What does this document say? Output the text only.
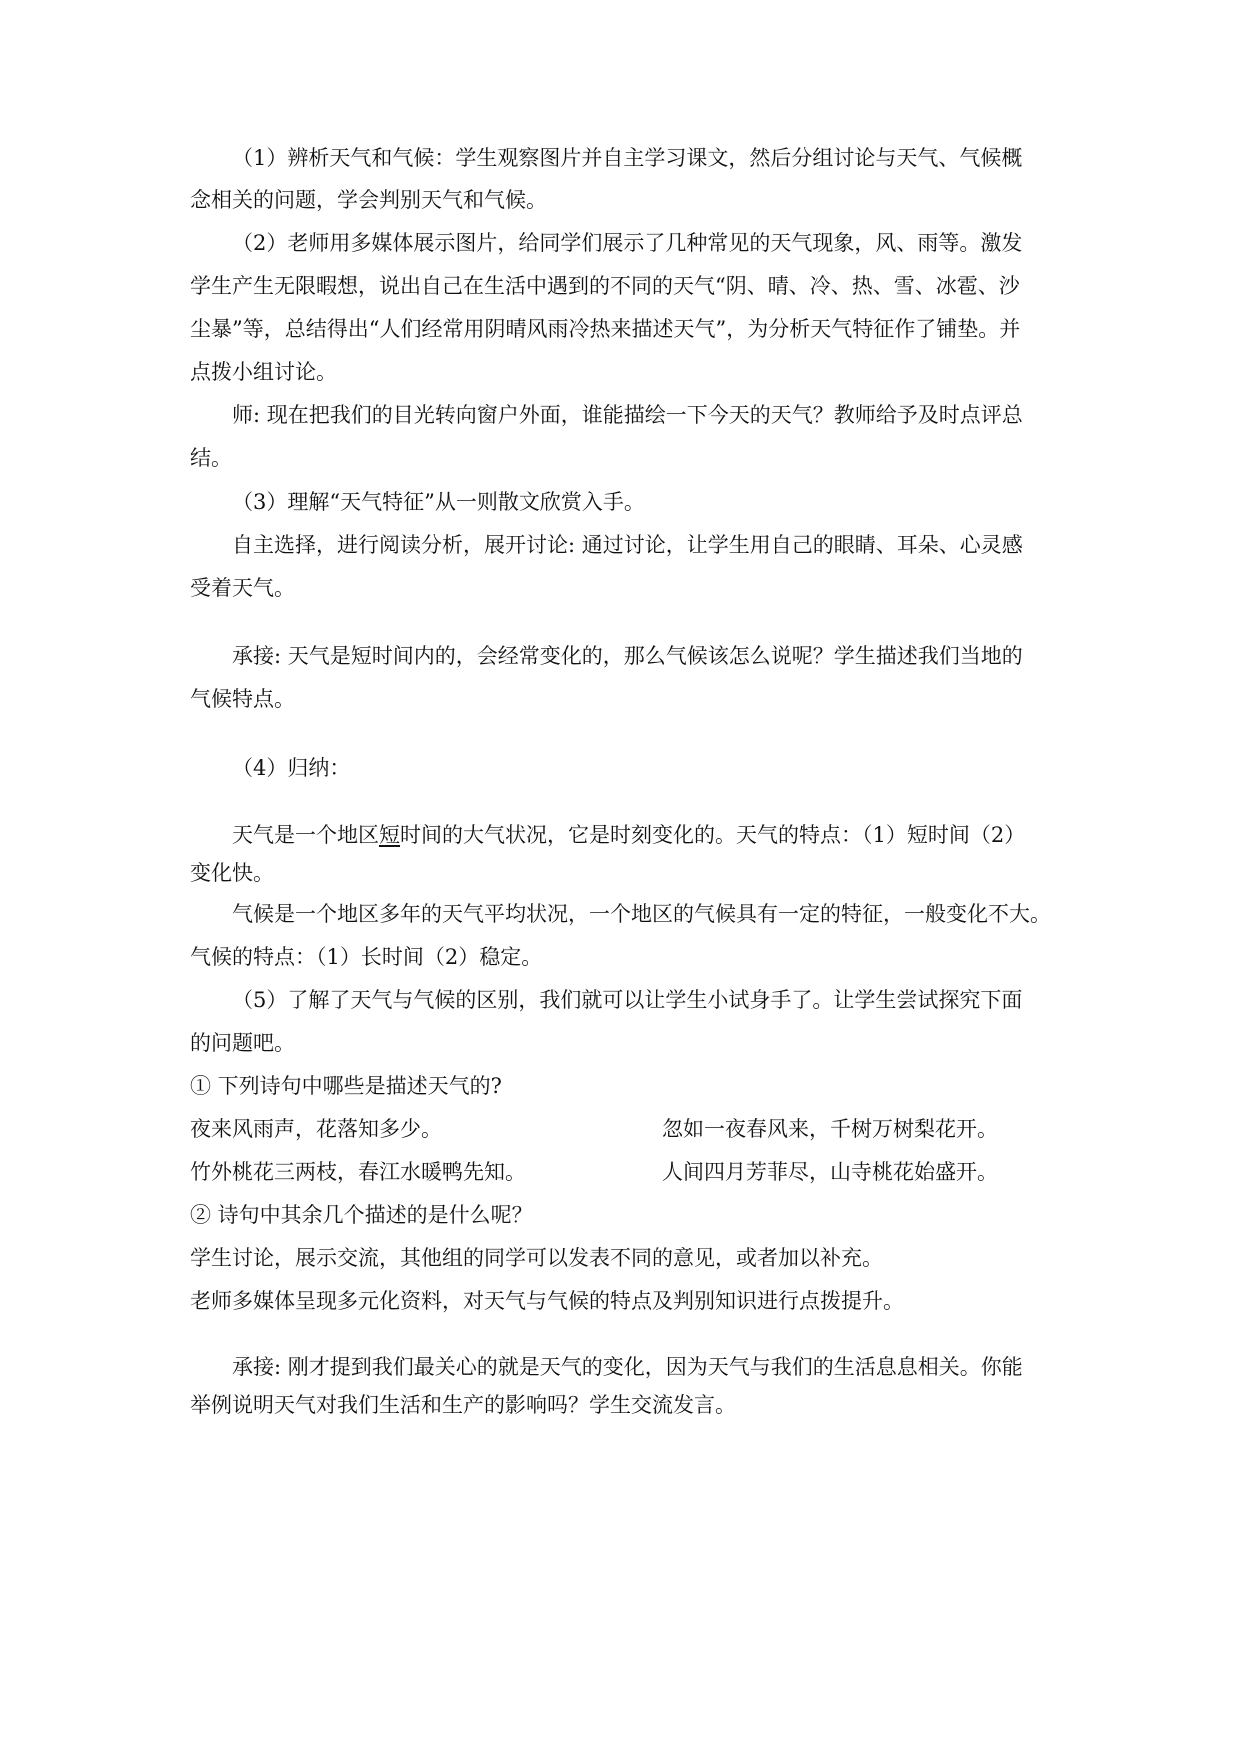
（1）辨析天气和气候：学生观察图片并自主学习课文，然后分组讨论与天气、气候概
念相关的问题，学会判别天气和气候。
（2）老师用多媒体展示图片，给同学们展示了几种常见的天气现象，风、雨等。激发
学生产生无限暇想，说出自己在生活中遇到的不同的天气“阴、晴、冷、热、雪、冰雹、沙
尘暴”等，总结得出“人们经常用阴晴风雨冷热来描述天气”，为分析天气特征作了铺垫。并
点拨小组讨论。
师: 现在把我们的目光转向窗户外面，谁能描绘一下今天的天气？教师给予及时点评总
结。
（3）理解“天气特征”从一则散文欣赏入手。
自主选择，进行阅读分析，展开讨论: 通过讨论，让学生用自己的眼睛、耳朵、心灵感
受着天气。
承接: 天气是短时间内的，会经常变化的，那么气候该怎么说呢？学生描述我们当地的
气候特点。
（4）归纳：
天气是一个地区短时间的大气状况，它是时刻变化的。天气的特点：（1）短时间（2）
变化快。
气候是一个地区多年的天气平均状况，一个地区的气候具有一定的特征，一般变化不大。
气候的特点：（1）长时间（2）稳定。
（5）了解了天气与气候的区别，我们就可以让学生小试身手了。让学生尝试探究下面
的问题吧。
① 下列诗句中哪些是描述天气的?
夜来风雨声，花落知多少。	忽如一夜春风来，千树万树梨花开。
竹外桃花三两枝，春江水暖鸭先知。	人间四月芳菲尽，山寺桃花始盛开。
② 诗句中其余几个描述的是什么呢？
学生讨论，展示交流，其他组的同学可以发表不同的意见，或者加以补充。
老师多媒体呈现多元化资料，对天气与气候的特点及判别知识进行点拨提升。
承接: 刚才提到我们最关心的就是天气的变化，因为天气与我们的生活息息相关。你能
举例说明天气对我们生活和生产的影响吗？学生交流发言。
